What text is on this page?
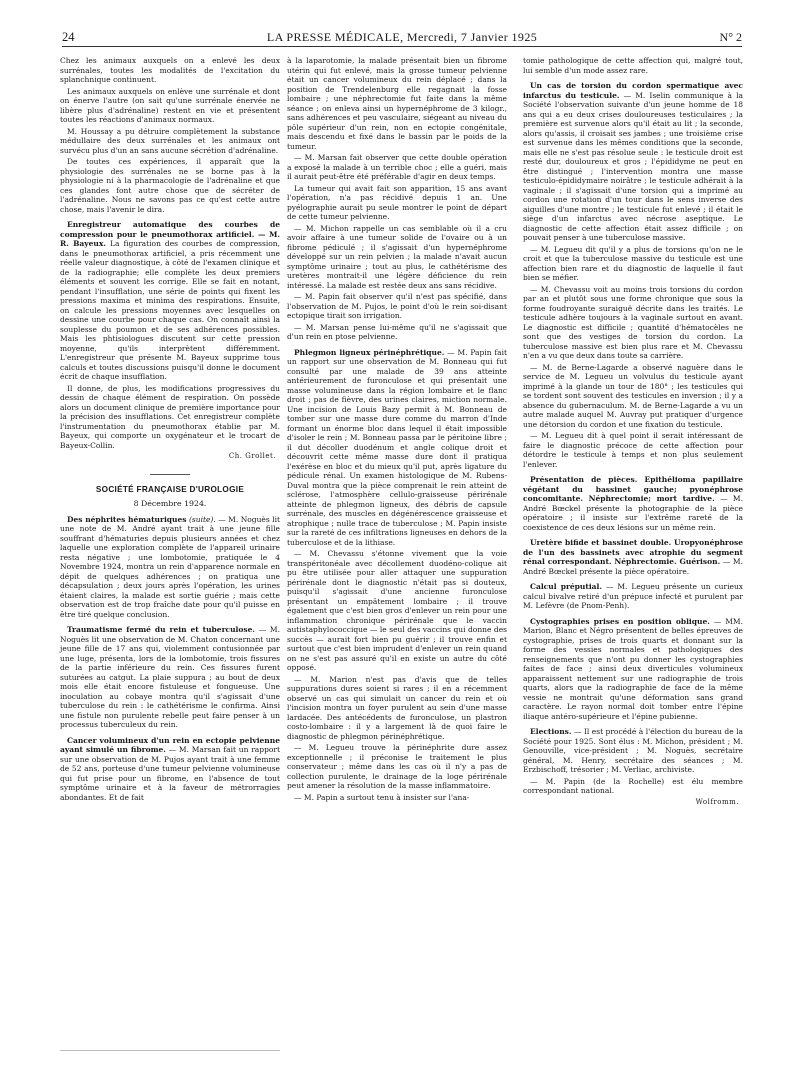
24	LA PRESSE MÉDICALE, Mercredi, 7 Janvier 1925	N° 2

Chez les animaux auxquels on a enlevé les deux surrénales, toutes les modalités de l'excitation du splanchnique continuent.

Les animaux auxquels on enlève une surrénale et dont on énerve l'autre (on sait qu'une surrénale énervée ne libère plus d'adrénaline) restent en vie et présentent toutes les réactions d'animaux normaux.

M. Houssay a pu détruire complètement la substance médullaire des deux surrénales et les animaux ont survécu plus d'un an sans aucune sécrétion d'adrénaline.

De toutes ces expériences, il apparaît que la physiologie des surrénales ne se borne pas à la physiologie ni à la pharmacologie de l'adrénaline et que ces glandes font autre chose que de sécréter de l'adrénaline. Nous ne savons pas ce qu'est cette autre chose, mais l'avenir le dira.

Enregistreur automatique des courbes de compression pour le pneumothorax artificiel. — M. R. Bayeux. La figuration des courbes de compression, dans le pneumothorax artificiel, a pris récemment une réelle valeur diagnostique, à côté de l'examen clinique et de la radiographie; elle complète les deux premiers éléments et souvent les corrige. Elle se fait en notant, pendant l'insufflation, une série de points qui fixent les pressions maxima et minima des respirations. Ensuite, on calcule les pressions moyennes avec lesquelles on dessine une courbe pour chaque cas. On connaît ainsi la souplesse du poumon et de ses adhérences possibles. Mais les phtisiologues discutent sur cette pression moyenne, qu'ils interprètent différemment. L'enregistreur que présente M. Bayeux supprime tous calculs et toutes discussions puisqu'il donne le document écrit de chaque insufflation.

Il donne, de plus, les modifications progressives du dessin de chaque élément de respiration. On possède alors un document clinique de première importance pour la précision des insufflations. Cet enregistreur complète l'instrumentation du pneumothorax établie par M. Bayeux, qui comporte un oxygénateur et le trocart de Bayeux-Collin.

Ch. Grollet.
SOCIÉTÉ FRANÇAISE D'UROLOGIE
8 Décembre 1924.

Des néphrites hématuriques (suite). — M. Noguès lit une note de M. André ayant trait à une jeune fille souffrant d'hématuries depuis plusieurs années et chez laquelle une exploration complète de l'appareil urinaire resta négative ; une lombotomie, pratiquée le 4 Novembre 1924, montra un rein d'apparence normale en dépit de quelques adhérences ; on pratiqua une décapsulation ; deux jours après l'opération, les urines étaient claires, la malade est sortie guérie ; mais cette observation est de trop fraîche date pour qu'il puisse en être tiré quelque conclusion.

Traumatisme fermé du rein et tuberculose. — M. Noguès lit une observation de M. Chaton concernant une jeune fille de 17 ans qui, violemment contusionnée par une luge, présenta, lors de la lombotomie, trois fissures de la partie inférieure du rein. Ces fissures furent suturées au catgut. La plaie suppura ; au bout de deux mois elle était encore fistuleuse et fongueuse. Une inoculation au cobaye montra qu'il s'agissait d'une tuberculose du rein : le cathétérisme le confirma. Ainsi une fistule non purulente rebelle peut faire penser à un processus tuberculeux du rein.

Cancer volumineux d'un rein en ectopie pelvienne ayant simulé un fibrome. — M. Marsan fait un rapport sur une observation de M. Pujos ayant trait à une femme de 52 ans, porteuse d'une tumeur pelvienne volumineuse qui fut prise pour un fibrome, en l'absence de tout symptôme urinaire et à la faveur de métrorragies abondantes. Et de fait

à la laparotomie, la malade présentait bien un fibrome utérin qui fut enlevé, mais la grosse tumeur pelvienne était un cancer volumineux du rein déplacé ; dans la position de Trendelenburg elle regagnait la fosse lombaire ; une néphrectomie fut faite dans la même séance ; on enleva ainsi un hypernéphrome de 3 kilogr., sans adhérences et peu vasculaire, siégeant au niveau du pôle supérieur d'un rein, non en ectopie congénitale, mais descendu et fixé dans le bassin par le poids de la tumeur.

— M. Marsan fait observer que cette double opération a exposé la malade à un terrible choc ; elle a guéri, mais il aurait peut-être été préférable d'agir en deux temps.

La tumeur qui avait fait son apparition, 15 ans avant l'opération, n'a pas récidivé depuis 1 an. Une pyélographie aurait pu seule montrer le point de départ de cette tumeur pelvienne.

— M. Michon rappelle un cas semblable où il a cru avoir affaire à une tumeur solide de l'ovaire ou à un fibrome pédiculé ; il s'agissait d'un hypernéphrome développé sur un rein pelvien ; la malade n'avait aucun symptôme urinaire ; tout au plus, le cathétérisme des uretères montrait-il une légère déficience du rein intéressé. La malade est restée deux ans sans récidive.

— M. Papin fait observer qu'il n'est pas spécifié, dans l'observation de M. Pujos, le point d'où le rein soi-disant ectopique tirait son irrigation.

— M. Marsan pense lui-même qu'il ne s'agissait que d'un rein en ptose pelvienne.

Phlegmon ligneux périnéphrétique. — M. Papin fait un rapport sur une observation de M. Bonneau qui fut consulté par une malade de 39 ans atteinte antérieurement de furonculose et qui présentait une masse volumineuse dans la région lombaire et le flanc droit ; pas de fièvre, des urines claires, miction normale. Une incision de Louis Bazy permit à M. Bonneau de tomber sur une masse dure comme du marron d'Inde formant un énorme bloc dans lequel il était impossible d'isoler le rein ; M. Bonneau passa par le péritoine libre ; il dut décoller duodénum et angle colique droit et découvrit cette même masse dure dont il pratiqua l'exérèse en bloc et du mieux qu'il put, après ligature du pédicule rénal. Un examen histologique de M. Rubens-Duval montra que la pièce comprenait le rein atteint de sclérose, l'atmosphère cellulo-graisseuse périrénale atteinte de phlegmon ligneux, des débris de capsule surrénale, des muscles en dégénérescence graisseuse et atrophique ; nulle trace de tuberculose ; M. Papin insiste sur la rareté de ces infiltrations ligneuses en dehors de la tuberculose et de la lithiase.

— M. Chevassu s'étonne vivement que la voie transpéritonéale avec décollement duodéno-colique ait pu être utilisée pour aller attaquer une suppuration périrénale dont le diagnostic n'était pas si douteux, puisqu'il s'agissait d'une ancienne furonculose présentant un empâtement lombaire ; il trouve également que c'est bien gros d'enlever un rein pour une inflammation chronique périrénale que le vaccin autistaphylococcique — le seul des vaccins qui donne des succès — aurait fort bien pu guérir ; il trouve enfin et surtout que c'est bien imprudent d'enlever un rein quand on ne s'est pas assuré qu'il en existe un autre du côté opposé.

— M. Marion n'est pas d'avis que de telles suppurations dures soient si rares ; il en a récemment observé un cas qui simulait un cancer du rein et où l'incision montra un foyer purulent au sein d'une masse lardacée. Des antécédents de furonculose, un plastron costo-lombaire : il y a largement là de quoi faire le diagnostic de phlegmon périnéphrétique.

— M. Legueu trouve la périnéphrite dure assez exceptionnelle ; il préconise le traitement le plus conservateur ; même dans les cas où il n'y a pas de collection purulente, le drainage de la loge périrénale peut amener la résolution de la masse inflammatoire.

— M. Papin a surtout tenu à insister sur l'ana-

tomie pathologique de cette affection qui, malgré tout, lui semble d'un mode assez rare.

Un cas de torsion du cordon spermatique avec infarctus du testicule. — M. Iselin communique à la Société l'observation suivante d'un jeune homme de 18 ans qui a eu deux crises douloureuses testiculaires ; la première est survenue alors qu'il était au lit ; la seconde, alors qu'assis, il croisait ses jambes ; une troisième crise est survenue dans les mêmes conditions que la seconde, mais elle ne s'est pas résolue seule : le testicule droit est resté dur, douloureux et gros ; l'épididyme ne peut en être distingué ; l'intervention montra une masse testiculo-épididymaire noirâtre ; le testicule adhérait à la vaginale ; il s'agissait d'une torsion qui a imprimé au cordon une rotation d'un tour dans le sens inverse des aiguilles d'une montre ; le testicule fut enlevé ; il était le siège d'un infarctus avec nécrose aseptique. Le diagnostic de cette affection était assez difficile ; on pouvait penser à une tuberculose massive.

— M. Legueu dit qu'il y a plus de torsions qu'on ne le croit et que la tuberculose massive du testicule est une affection bien rare et du diagnostic de laquelle il faut bien se méfier.

— M. Chevassu voit au moins trois torsions du cordon par an et plutôt sous une forme chronique que sous la forme foudroyante suraiguë décrite dans les traités. Le testicule adhère toujours à la vaginale surtout en avant. Le diagnostic est difficile ; quantité d'hématocèles ne sont que des vestiges de torsion du cordon. La tuberculose massive est bien plus rare et M. Chevassu n'en a vu que deux dans toute sa carrière.

— M. de Berne-Lagarde a observé naguère dans le service de M. Legueu un volvulus du testicule ayant imprimé à la glande un tour de 180° ; les testicules qui se tordent sont souvent des testicules en inversion ; il y a absence du gubernaculum. M. de Berne-Lagarde a vu un autre malade auquel M. Auvray put pratiquer d'urgence une détorsion du cordon et une fixation du testicule.

— M. Legueu dit à quel point il serait intéressant de faire le diagnostic précoce de cette affection pour détordre le testicule à temps et non plus seulement l'enlever.

Présentation de pièces. Epithélioma papillaire végétant du bassinet gauche; pyonéphrose concomitante. Néphrectomie; mort tardive. — M. André Bœckel présente la photographie de la pièce opératoire ; il insiste sur l'extrême rareté de la coexistence de ces deux lésions sur un même rein.

Uretère bifide et bassinet double. Uropyonéphrose de l'un des bassinets avec atrophie du segment rénal correspondant. Néphrectomie. Guérison. — M. André Bœckel présente la pièce opératoire.

Calcul préputial. — M. Legueu présente un curieux calcul bivalve retiré d'un prépuce infecté et purulent par M. Lefèvre (de Pnom-Penh).

Cystographies prises en position oblique. — MM. Marion, Blanc et Négro présentent de belles épreuves de cystographie, prises de trois quarts et donnant sur la forme des vessies normales et pathologiques des renseignements que n'ont pu donner les cystographies faites de face ; ainsi deux diverticules volumineux apparaissent nettement sur une radiographie de trois quarts, alors que la radiographie de face de la même vessie ne montrait qu'une déformation sans grand caractère. Le rayon normal doit tomber entre l'épine iliaque antéro-supérieure et l'épine pubienne.

Elections. — Il est procédé à l'élection du bureau de la Société pour 1925. Sont élus : M. Michon, président ; M. Genouville, vice-président ; M. Noguès, secrétaire général, M. Henry, secrétaire des séances ; M. Erzbischoff, trésorier ; M. Verliac, archiviste.

— M. Papin (de la Rochelle) est élu membre correspondant national.

Wolfromm.
